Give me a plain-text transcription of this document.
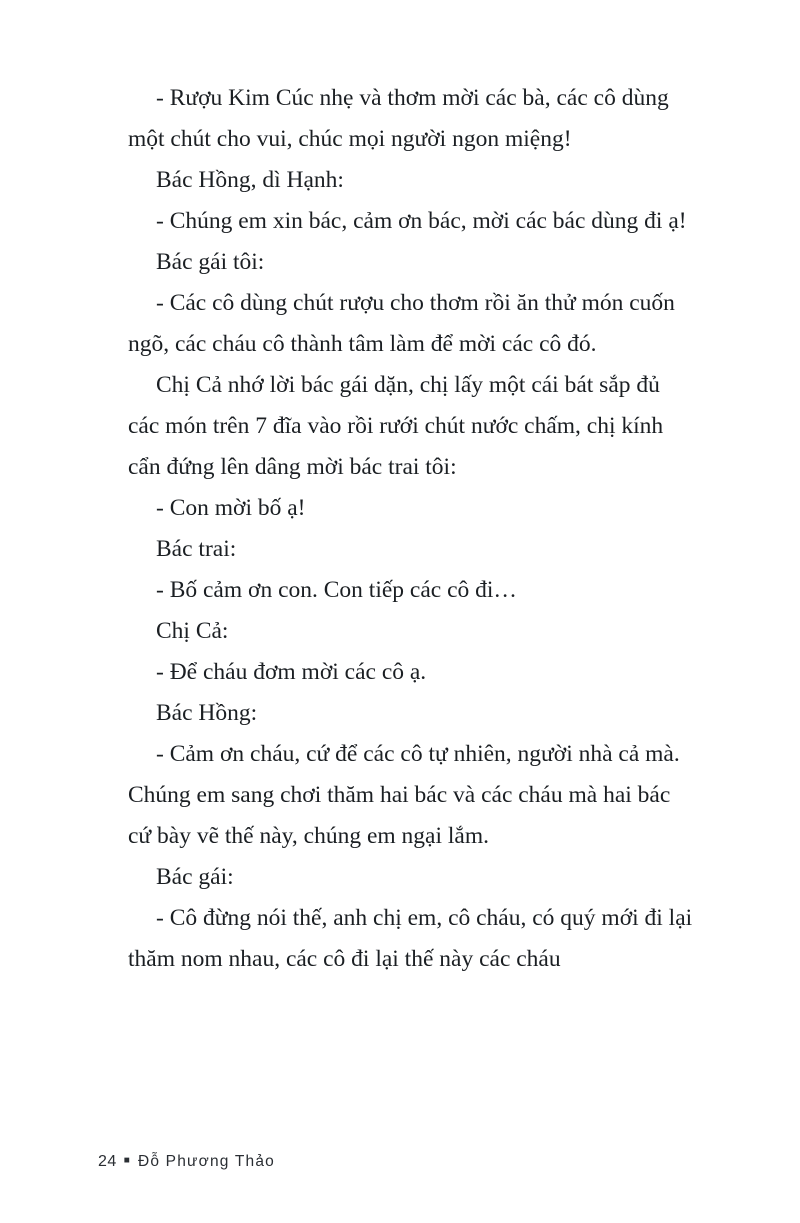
- Rượu Kim Cúc nhẹ và thơm mời các bà, các cô dùng một chút cho vui, chúc mọi người ngon miệng!

Bác Hồng, dì Hạnh:

- Chúng em xin bác, cảm ơn bác, mời các bác dùng đi ạ!

Bác gái tôi:

- Các cô dùng chút rượu cho thơm rồi ăn thử món cuốn ngõ, các cháu cô thành tâm làm để mời các cô đó.

Chị Cả nhớ lời bác gái dặn, chị lấy một cái bát sắp đủ các món trên 7 đĩa vào rồi rưới chút nước chấm, chị kính cẩn đứng lên dâng mời bác trai tôi:

- Con mời bố ạ!

Bác trai:

- Bố cảm ơn con. Con tiếp các cô đi…

Chị Cả:

- Để cháu đơm mời các cô ạ.

Bác Hồng:

- Cảm ơn cháu, cứ để các cô tự nhiên, người nhà cả mà. Chúng em sang chơi thăm hai bác và các cháu mà hai bác cứ bày vẽ thế này, chúng em ngại lắm.

Bác gái:

- Cô đừng nói thế, anh chị em, cô cháu, có quý mới đi lại thăm nom nhau, các cô đi lại thế này các cháu

24 ■ Đỗ Phương Thảo
